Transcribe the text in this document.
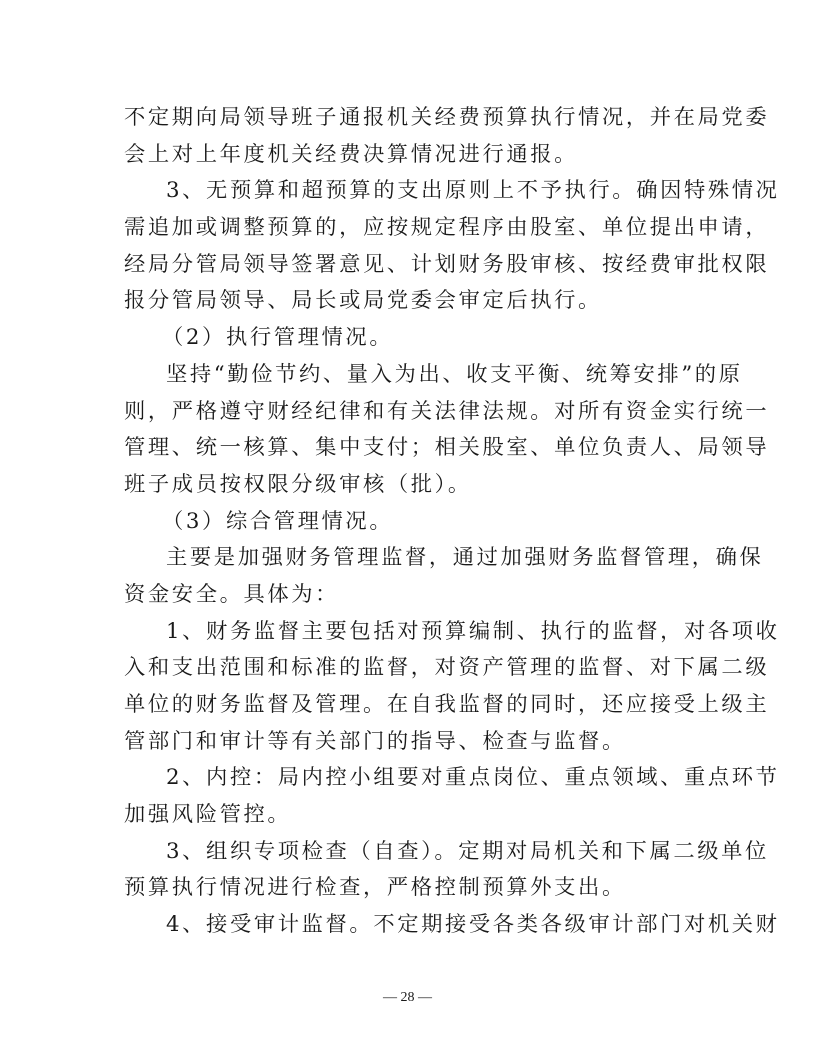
不定期向局领导班子通报机关经费预算执行情况，并在局党委
会上对上年度机关经费决算情况进行通报。
3、无预算和超预算的支出原则上不予执行。确因特殊情况
需追加或调整预算的，应按规定程序由股室、单位提出申请，
经局分管局领导签署意见、计划财务股审核、按经费审批权限
报分管局领导、局长或局党委会审定后执行。
（2）执行管理情况。
坚持“勤俭节约、量入为出、收支平衡、统筹安排”的原
则，严格遵守财经纪律和有关法律法规。对所有资金实行统一
管理、统一核算、集中支付；相关股室、单位负责人、局领导
班子成员按权限分级审核（批）。
（3）综合管理情况。
主要是加强财务管理监督，通过加强财务监督管理，确保
资金安全。具体为：
1、财务监督主要包括对预算编制、执行的监督，对各项收
入和支出范围和标准的监督，对资产管理的监督、对下属二级
单位的财务监督及管理。在自我监督的同时，还应接受上级主
管部门和审计等有关部门的指导、检查与监督。
2、内控：局内控小组要对重点岗位、重点领域、重点环节
加强风险管控。
3、组织专项检查（自查）。定期对局机关和下属二级单位
预算执行情况进行检查，严格控制预算外支出。
4、接受审计监督。不定期接受各类各级审计部门对机关财
— 28 —
